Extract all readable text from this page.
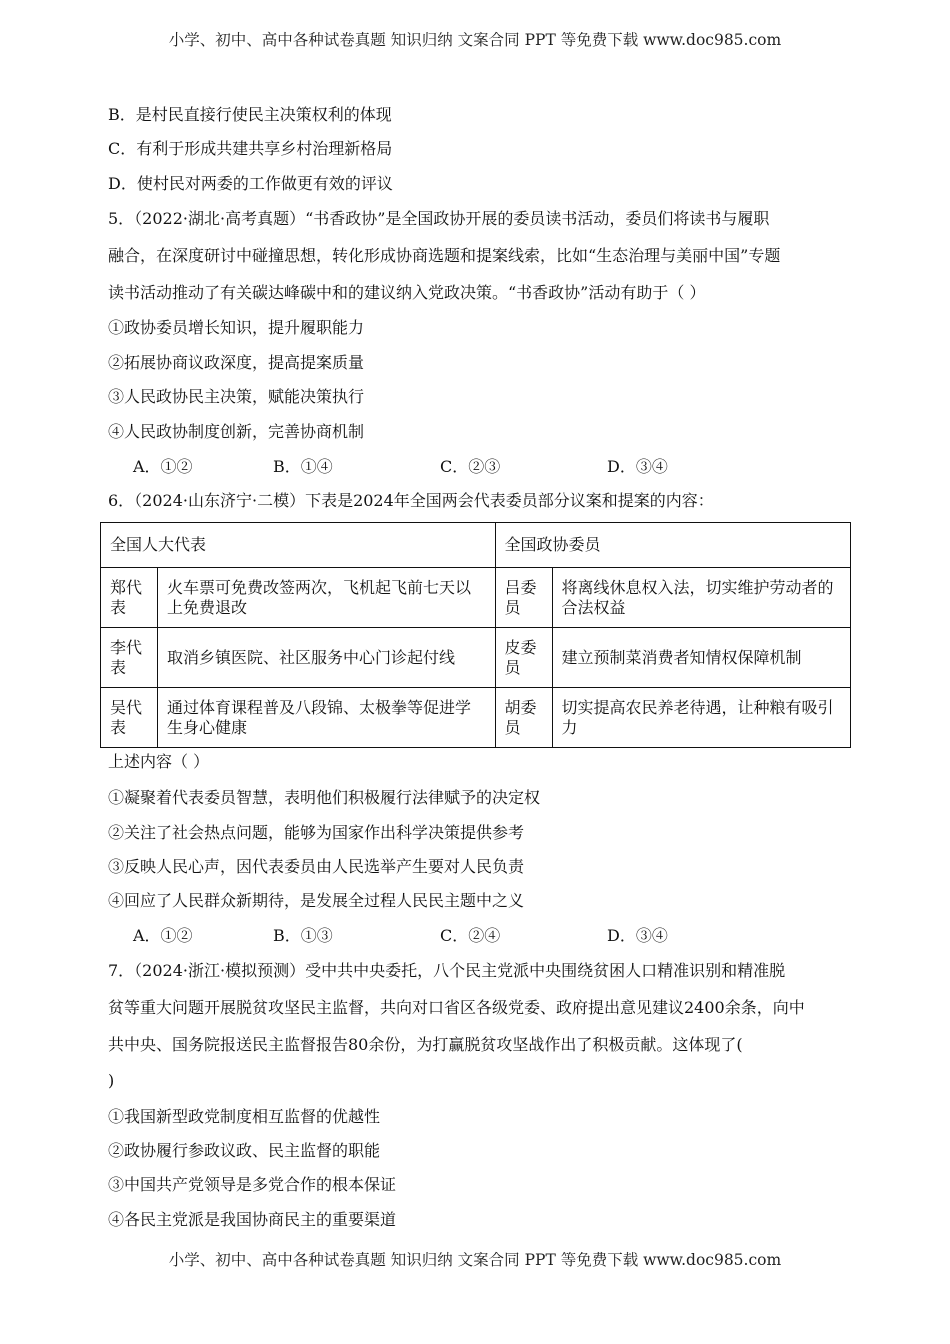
小学、初中、高中各种试卷真题 知识归纳 文案合同 PPT 等免费下载 www.doc985.com
B．是村民直接行使民主决策权利的体现
C．有利于形成共建共享乡村治理新格局
D．使村民对两委的工作做更有效的评议
5．（2022·湖北·高考真题）“书香政协”是全国政协开展的委员读书活动，委员们将读书与履职
融合，在深度研讨中碰撞思想，转化形成协商选题和提案线索，比如“生态治理与美丽中国”专题
读书活动推动了有关碳达峰碳中和的建议纳入党政决策。“书香政协”活动有助于（ ）
①政协委员增长知识，提升履职能力
②拓展协商议政深度，提高提案质量
③人民政协民主决策，赋能决策执行
④人民政协制度创新，完善协商机制
A．①②	B．①④	C．②③	D．③④
6．（2024·山东济宁·二模）下表是2024年全国两会代表委员部分议案和提案的内容：
全国人大代表		全国政协委员	
郑代表	火车票可免费改签两次，飞机起飞前七天以上免费退改	吕委员	将离线休息权入法，切实维护劳动者的合法权益
李代表	取消乡镇医院、社区服务中心门诊起付线	皮委员	建立预制菜消费者知情权保障机制
吴代表	通过体育课程普及八段锦、太极拳等促进学生身心健康	胡委员	切实提高农民养老待遇，让种粮有吸引力
上述内容（ ）
①凝聚着代表委员智慧，表明他们积极履行法律赋予的决定权
②关注了社会热点问题，能够为国家作出科学决策提供参考
③反映人民心声，因代表委员由人民选举产生要对人民负责
④回应了人民群众新期待，是发展全过程人民民主题中之义
A．①②	B．①③	C．②④	D．③④
7．（2024·浙江·模拟预测）受中共中央委托，八个民主党派中央围绕贫困人口精准识别和精准脱
贫等重大问题开展脱贫攻坚民主监督，共向对口省区各级党委、政府提出意见建议2400余条，向中
共中央、国务院报送民主监督报告80余份，为打赢脱贫攻坚战作出了积极贡献。这体现了(
)
①我国新型政党制度相互监督的优越性
②政协履行参政议政、民主监督的职能
③中国共产党领导是多党合作的根本保证
④各民主党派是我国协商民主的重要渠道
小学、初中、高中各种试卷真题 知识归纳 文案合同 PPT 等免费下载 www.doc985.com
